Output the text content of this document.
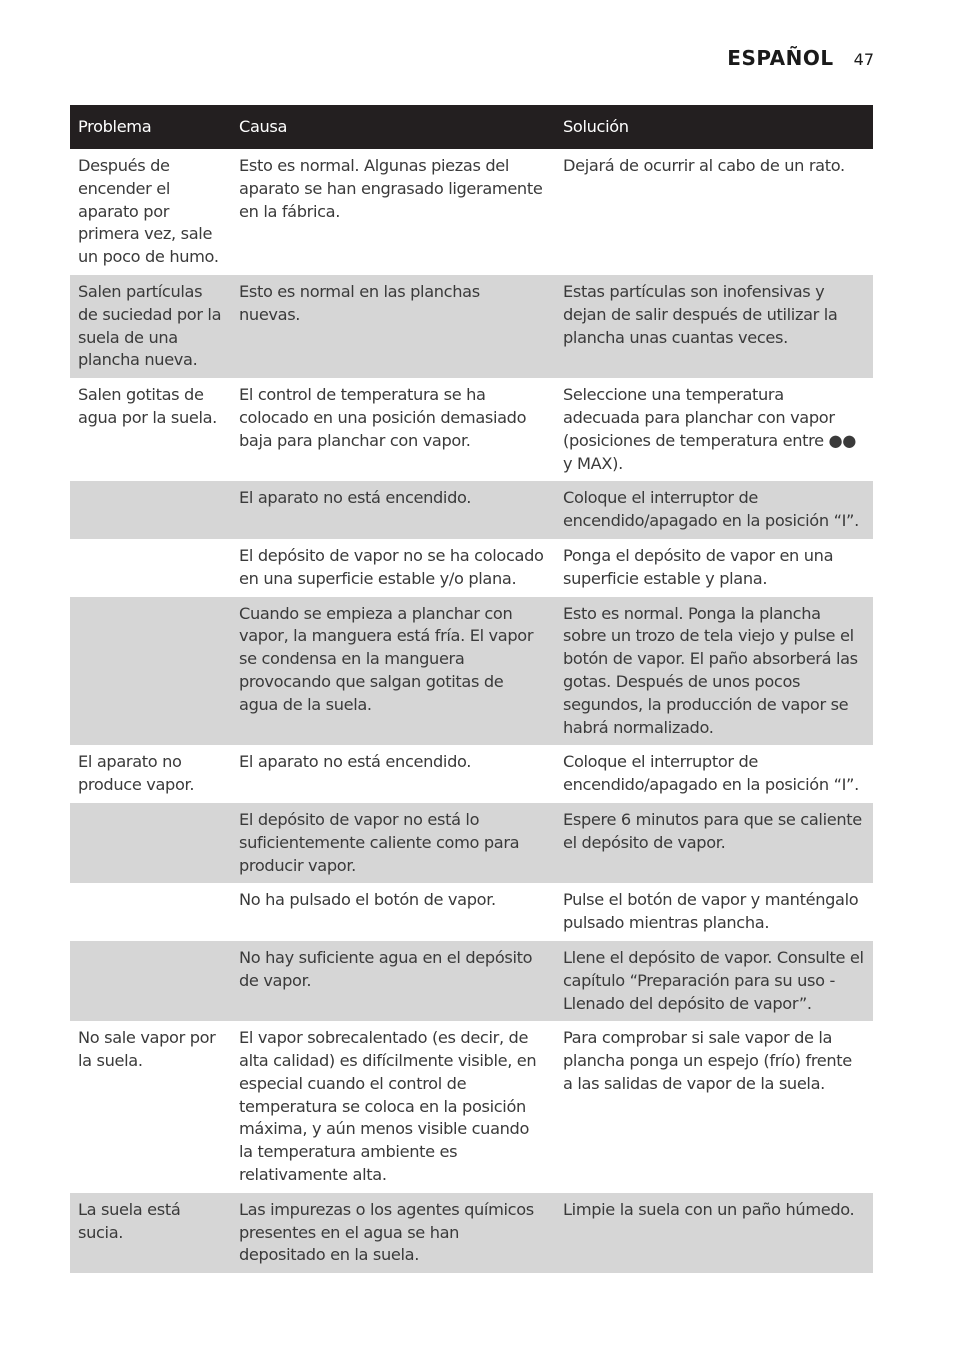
ESPAÑOL 47
Problema	Causa	Solución
Después de encender el aparato por primera vez, sale un poco de humo.	Esto es normal. Algunas piezas del aparato se han engrasado ligeramente en la fábrica.	Dejará de ocurrir al cabo de un rato.
Salen partículas de suciedad por la suela de una plancha nueva.	Esto es normal en las planchas nuevas.	Estas partículas son inofensivas y dejan de salir después de utilizar la plancha unas cuantas veces.
Salen gotitas de agua por la suela.	El control de temperatura se ha colocado en una posición demasiado baja para planchar con vapor.	Seleccione una temperatura adecuada para planchar con vapor (posiciones de temperatura entre ●● y MAX).
	El aparato no está encendido.	Coloque el interruptor de encendido/apagado en la posición “I”.
	El depósito de vapor no se ha colocado en una superficie estable y/o plana.	Ponga el depósito de vapor en una superficie estable y plana.
	Cuando se empieza a planchar con vapor, la manguera está fría. El vapor se condensa en la manguera provocando que salgan gotitas de agua de la suela.	Esto es normal. Ponga la plancha sobre un trozo de tela viejo y pulse el botón de vapor. El paño absorberá las gotas. Después de unos pocos segundos, la producción de vapor se habrá normalizado.
El aparato no produce vapor.	El aparato no está encendido.	Coloque el interruptor de encendido/apagado en la posición “I”.
	El depósito de vapor no está lo suficientemente caliente como para producir vapor.	Espere 6 minutos para que se caliente el depósito de vapor.
	No ha pulsado el botón de vapor.	Pulse el botón de vapor y manténgalo pulsado mientras plancha.
	No hay suficiente agua en el depósito de vapor.	Llene el depósito de vapor. Consulte el capítulo “Preparación para su uso - Llenado del depósito de vapor”.
No sale vapor por la suela.	El vapor sobrecalentado (es decir, de alta calidad) es difícilmente visible, en especial cuando el control de temperatura se coloca en la posición máxima, y aún menos visible cuando la temperatura ambiente es relativamente alta.	Para comprobar si sale vapor de la plancha ponga un espejo (frío) frente a las salidas de vapor de la suela.
La suela está sucia.	Las impurezas o los agentes químicos presentes en el agua se han depositado en la suela.	Limpie la suela con un paño húmedo.
